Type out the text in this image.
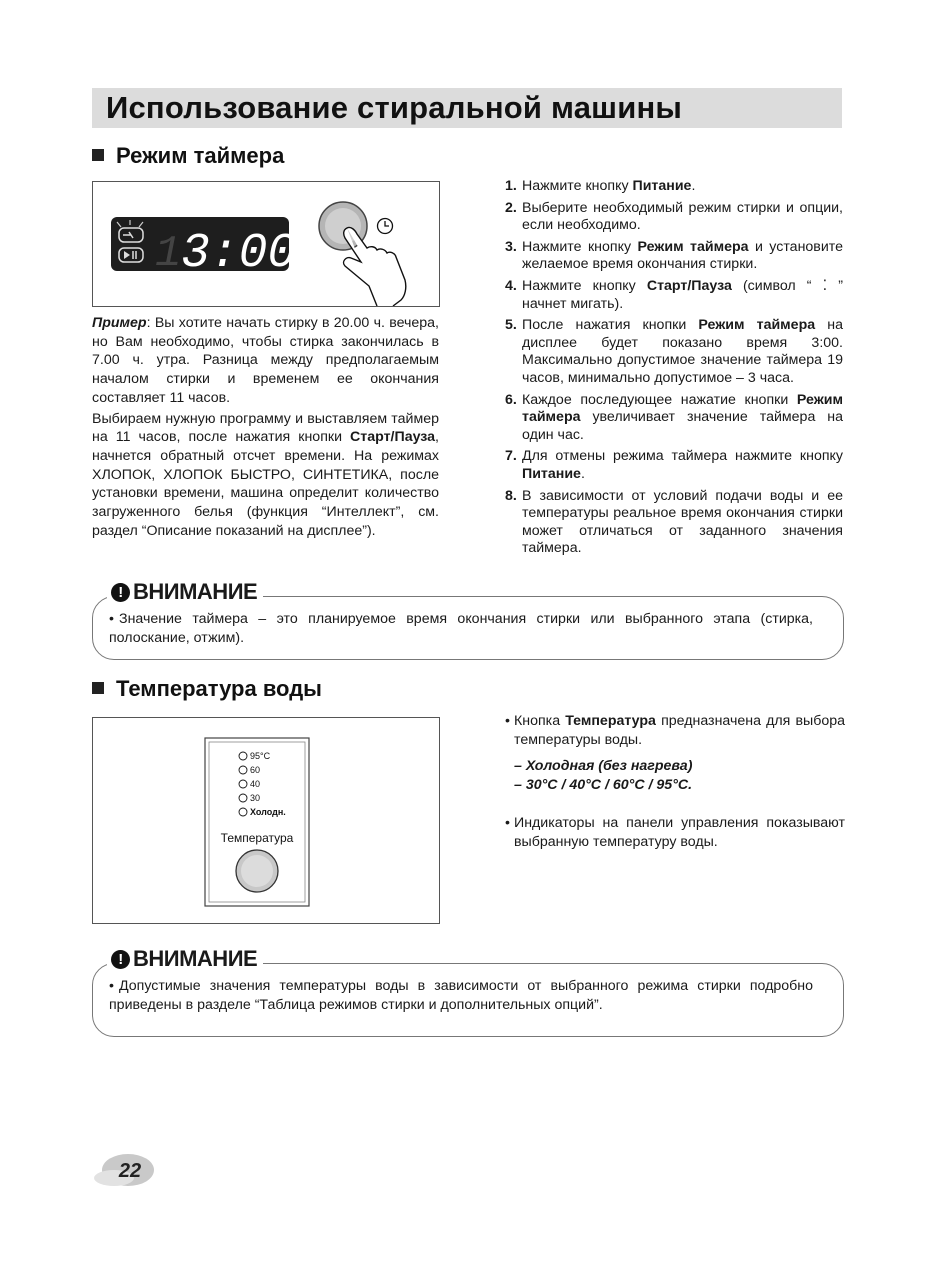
Использование стиральной машины
Режим таймера
1 3:00

Пример: Вы хотите начать стирку в 20.00 ч. вечера, но Вам необходимо, чтобы стирка закончилась в 7.00 ч. утра. Разница между предполагаемым началом стирки и временем ее окончания составляет 11 часов.

Выбираем нужную программу и выставляем таймер на 11 часов, после нажатия кнопки Старт/Пауза, начнется обратный отсчет времени. На режимах ХЛОПОК, ХЛОПОК БЫСТРО, СИНТЕТИКА, после установки времени, машина определит количество загруженного белья (функция “Интеллект”, см. раздел “Описание показаний на дисплее”).

1. Нажмите кнопку Питание.
2. Выберите необходимый режим стирки и опции, если необходимо.
3. Нажмите кнопку Режим таймера и установите желаемое время окончания стирки.
4. Нажмите кнопку Старт/Пауза (символ “ ⁚ ” начнет мигать).
5. После нажатия кнопки Режим таймера на дисплее будет показано время 3:00. Максимально допустимое значение таймера 19 часов, минимально допустимое – 3 часа.
6. Каждое последующее нажатие кнопки Режим таймера увеличивает значение таймера на один час.
7. Для отмены режима таймера нажмите кнопку Питание.
8. В зависимости от условий подачи воды и ее температуры реальное время окончания стирки может отличаться от заданного значения таймера.
! ВНИМАНИЕ
• Значение таймера – это планируемое время окончания стирки или выбранного этапа (стирка, полоскание, отжим).
Температура воды
95°C
60
40
30
Холодн.
Температура
• Кнопка Температура предназначена для выбора температуры воды.
– Холодная (без нагрева)
– 30°C / 40°C / 60°C / 95°C.
• Индикаторы на панели управления показывают выбранную температуру воды.
! ВНИМАНИЕ
• Допустимые значения температуры воды в зависимости от выбранного режима стирки подробно приведены в разделе “Таблица режимов стирки и дополнительных опций”.
22
